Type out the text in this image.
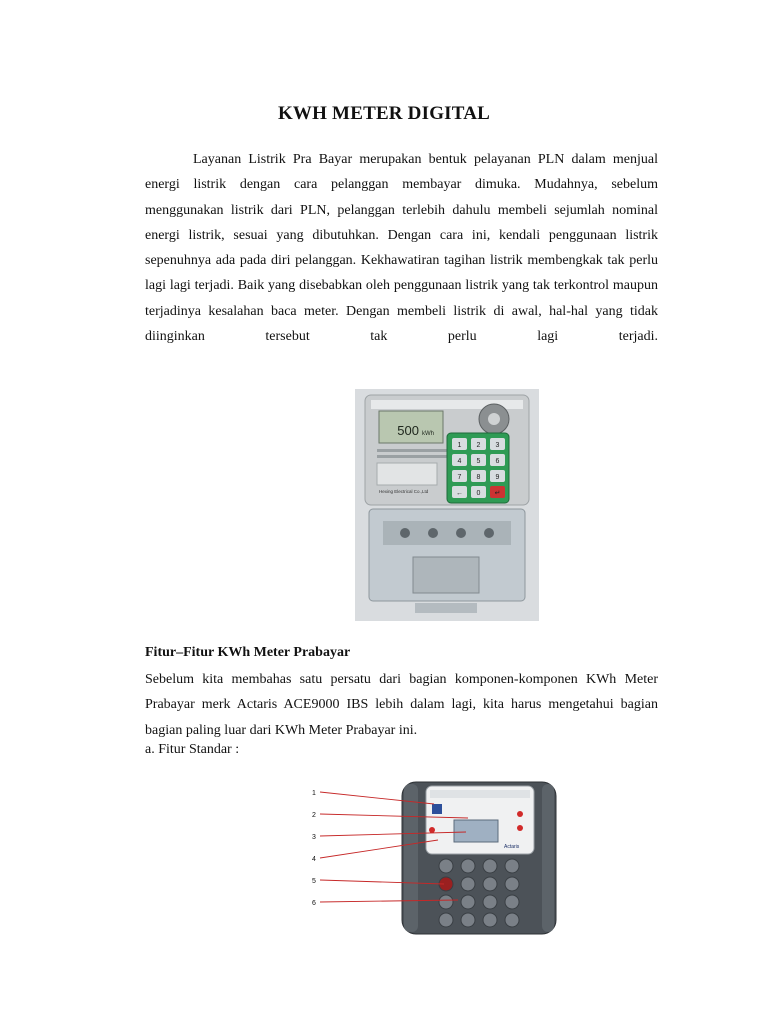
KWH METER DIGITAL
Layanan Listrik Pra Bayar merupakan bentuk pelayanan PLN dalam menjual energi listrik dengan cara pelanggan membayar dimuka. Mudahnya, sebelum menggunakan listrik dari PLN, pelanggan terlebih dahulu membeli sejumlah nominal energi listrik, sesuai yang dibutuhkan. Dengan cara ini, kendali penggunaan listrik sepenuhnya ada pada diri pelanggan. Kekhawatiran tagihan listrik membengkak tak perlu lagi lagi terjadi. Baik yang disebabkan oleh penggunaan listrik yang tak terkontrol maupun terjadinya kesalahan baca meter. Dengan membeli listrik di awal, hal-hal yang tidak diinginkan tersebut tak perlu lagi terjadi.
500 kWh
Hexing Electrical Co.,Ltd
1 2 3
4 5 6
7 8 9
← 0 ↵
Fitur–Fitur KWh Meter Prabayar
Sebelum kita membahas satu persatu dari bagian komponen-komponen KWh Meter Prabayar merk Actaris ACE9000 IBS lebih dalam lagi, kita harus mengetahui bagian bagian paling luar dari KWh Meter Prabayar ini.
a. Fitur Standar :
Actaris
1
2
3
4
5
6
